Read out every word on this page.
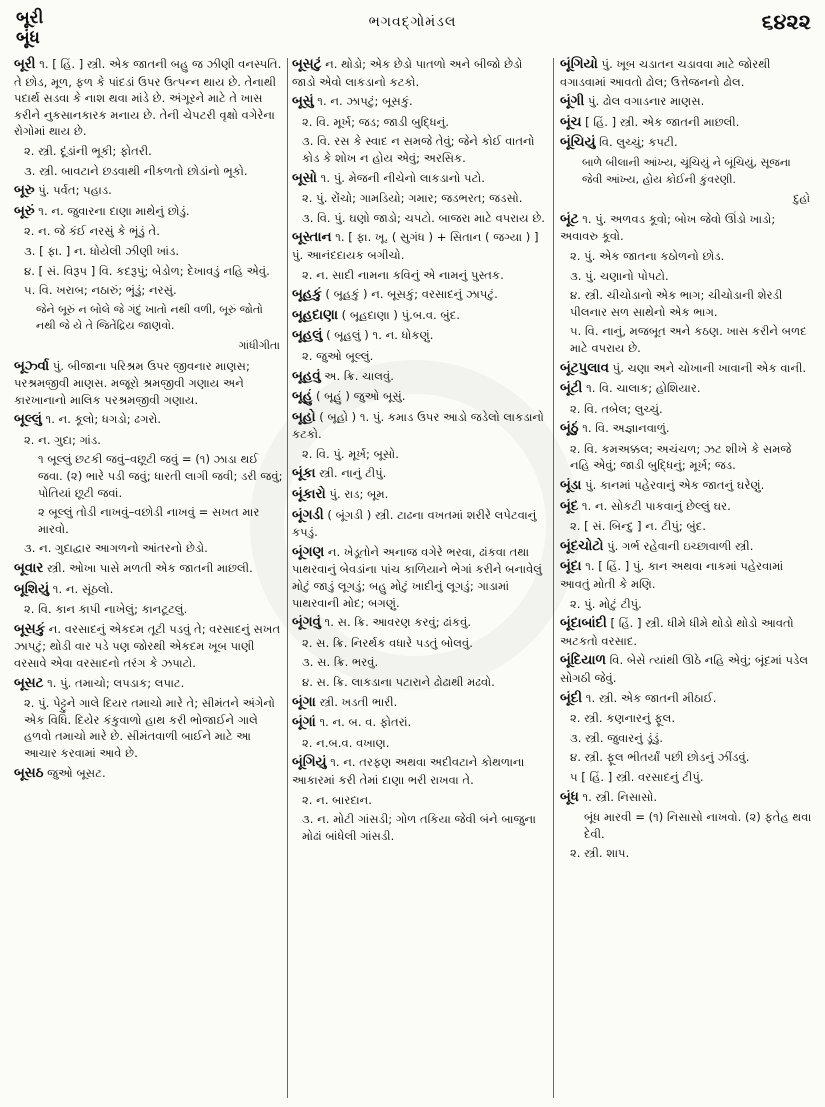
બૂરી
બૂંધ
ભગવદ્ગોમંડલ	૬૪૨૨
બૂરી ૧. [ હિં. ] સ્ત્રી. એક જાતની બહુ જ ઝીણી વનસ્પતિ. તે છોડ, મૂળ, ફળ કે પાંદડાં ઉપર ઉત્પન્ન થાય છે. તેનાથી પદાર્થ સડવા કે નાશ થવા માંડે છે. અંગૂરને માટે તે ખાસ કરીને નુકસાનકારક મનાય છે. તેની ચેપટરી વૃક્ષો વગેરેના રોગોમાં થાય છે.
૨. સ્ત્રી. દૂંડાંની ભૂકી; ફોતરી.
૩. સ્ત્રી. બાવટાને છડવાથી નીકળતો છોડાંનો ભૂકો.
બૂરુ પું. પર્વત; પહાડ.
બૂરું ૧. ન. જુવારના દાણા માથેનું છોડું.
૨. ન. જે કંઈ નરસું કે ભૂંડું તે.
૩. [ ફા. ] ન. ધોયેલી ઝીણી ખાંડ.
૪. [ સં. વિરૂપ ] વિ. કદરૂપું; બેડોળ; દેખાવડું નહિ એવું.
૫. વિ. ખરાબ; નઠારું; ભૂંડું; નરસું.
જેને બૂરું ન બોલે જે ગંદું ખાતો નથી વળી, બૂરું જોતો નથી જે યે તે જિતેંદ્રિય જાણવો.
ગાંધીગીતા
બૂર્ઝ્વા પું. બીજાના પરિશ્રમ ઉપર જીવનાર માણસ; પરશ્રમજીવી માણસ. મજૂરો શ્રમજીવી ગણાય અને કારખાનાનો માલિક પરશ્રમજીવી ગણાય.
બૂલ્લું ૧. ન. કૂલો; ધગડો; ઢગરો.
૨. ન. ગુદા; ગાંડ.
૧ બૂલ્લું છટકી જવું–વછૂટી જવું = (૧) ઝાડા થઈ જવા. (૨) ભારે પડી જવું; ધારતી લાગી જવી; ડરી જવું; પોતિયાં છૂટી જવાં.
૨ બૂલ્લું તોડી નાખવું–વછોડી નાખવું = સખત માર મારવો.
૩. ન. ગુદાદ્વાર આગળનો આંતરનો છેડો.
બૂવાર સ્ત્રી. ઓખા પાસે મળતી એક જાતની માછલી.
બૂશિયું ૧. ન. સૂંઠલો.
૨. વિ. કાન કાપી નાખેલું; કાનટૂટલું.
બૂસકું ન. વરસાદનું એકદમ તૂટી પડવું તે; વરસાદનું સખત ઝાપટું; થોડી વાર પડે પણ જોરથી એકદમ ખૂબ પાણી વરસાવે એવા વરસાદનો તરંગ કે ઝપાટો.
બૂસટ ૧. પું. તમાચો; લપડાક; લપાટ.
૨. પું. પેટ્ટુને ગાલે દિયર તમાચો મારે તે; સીમંતને અંગેનો એક વિધિ. દિયેર કંકુવાળો હાથ કરી ભોજાઈને ગાલે હળવો તમાચો મારે છે. સીમંતવાળી બાઈને માટે આ આચાર કરવામાં આવે છે.
બૂસઠ જુઓ બૂસટ.
બૂસટું ન. થોડો; એક છેડો પાતળો અને બીજો છેડો જાડો એવો લાકડાનો કટકો.
બૂસું ૧. ન. ઝાપટું; બૂસકું.
૨. વિ. મૂર્ખ; જડ; જાડી બુદ્ધિનું.
૩. વિ. રસ કે સ્વાદ ન સમજે તેવું; જેને કોઈ વાતનો કોડ કે શોખ ન હોય એવું; અરસિક.
બૂસો ૧. પું. મેજની નીચેનો લાકડાનો પટો.
૨. પું. રોંચો; ગામડિયો; ગમાર; જડભરત; જડસો.
૩. વિ. પું. ઘણો જાડો; ચપટો. બાજરા માટે વપરાય છે.
બૂસ્તાન ૧. [ ફા. ખૂ. ( સુગંધ ) + સિતાન ( જગ્યા ) ] પું. આનંદદાયક બગીચો.
૨. ન. સાદી નામના કવિનું એ નામનું પુસ્તક.
બૂહકું ( બૂહકું ) ન. બૂસકું; વરસાદનું ઝાપટું.
બૂહદાણા ( બૂહદાણા ) પું.બ.વ. બુંદ.
બૂહલું ( બૂહલું ) ૧. ન. ધોકણું.
૨. જુઓ બૂલ્લું.
બૂહવું અ. ક્રિ. ચાલવું.
બૂહું ( બૂહું ) જુઓ બૂસું.
બૂહો ( બૂહો ) ૧. પું. કમાડ ઉપર આડો જડેલો લાકડાનો કટકો.
૨. વિ. પું. મૂર્ખ; બૂસો.
બૂંકા સ્ત્રી. નાનું ટીપું.
બૂંકારો પું. રાડ; બૂમ.
બૂંગડી ( બૂંગડી ) સ્ત્રી. ટાઢના વખતમાં શરીરે લપેટવાનું કપડું.
બૂંગણ ન. ખેડૂતોને અનાજ વગેરે ભરવા, ઢાંકવા તથા પાથરવાનું બેવડાંના પાંચ કાળિયાને ભેગાં કરીને બનાવેલું મોટું જાડું લૂગડું; બહુ મોટું ખાદીનું લૂગડું; ગાડામાં પાથરવાની મોદ; બગણું.
બૂંગવું ૧. સ. ક્રિ. આવરણ કરવું; ઢાંકવું.
૨. સ. ક્રિ. નિરર્થક વધારે પડતું બોલવું.
૩. સ. ક્રિ. ભરવું.
૪. સ. ક્રિ. લાકડાના પટારાને ઢોઢાથી મઢવો.
બૂંગા સ્ત્રી. ખડતી ભારી.
બૂંગાં ૧. ન. બ. વ. ફોતરાં.
૨. ન.બ.વ. વખાણ.
બૂંગિયું ૧. ન. તરફણ અથવા અદીવટાને કોથળાના આકારમાં કરી તેમાં દાણા ભરી રાખવા તે.
૨. ન. બારદાન.
૩. ન. મોટી ગાંસડી; ગોળ તકિયા જેવી બંને બાજુના મોઢાં બાંધેલી ગાંસડી.
બૂંગિયો પું. ખૂબ ચડાતન ચડાવવા માટે જોરથી વગાડવામાં આવતો ઢોલ; ઉત્તેજનનો ઢોલ.
બૂંગી પું. ઢોલ વગાડનાર માણસ.
બૂંચ [ હિં. ] સ્ત્રી. એક જાતની માછલી.
બૂંચિયું વિ. લુચ્ચું; કપટી.
બાળે બીલાની આંખ્ય, ચૂંચિયું ને બૂંચિયું, સૂજના જેવી આંખ્ય, હોય કોઈની કુંવરણી.
દુહો
બૂંટ ૧. પું. અળવડ કૂવો; બોખ જેવો ઊંડો ખાડો; અવાવરુ કૂવો.
૨. પું. એક જાતના કઠોળનો છોડ.
૩. પું. ચણાનો પોપટો.
૪. સ્ત્રી. ચીચોડાનો એક ભાગ; ચીચોડાની શેરડી પીલનાર સળ સાથેનો એક ભાગ.
૫. વિ. નાનું, મજબૂત અને કઠણ. ખાસ કરીને બળદ માટે વપરાય છે.
બૂંટપુલાવ પું. ચણા અને ચોખાની ખાવાની એક વાની.
બૂંટી ૧. વિ. ચાલાક; હોશિયાર.
૨. વિ. તબેલ; લુચ્ચું.
બૂંઠું ૧. વિ. અજ્ઞાનવાળું.
૨. વિ. કમઅક્કલ; અચંચળ; ઝટ શીખે કે સમજે નહિ એવું; જાડી બુદ્ધિનું; મૂર્ખ; જડ.
બૂંડા પું. કાનમાં પહેરવાનું એક જાતનું ઘરેણું.
બૂંદ ૧. ન. સોકટી પાકવાનું છેલ્લું ઘર.
૨. [ સં. બિન્દુ ] ન. ટીપું; બુંદ.
બૂંદચોટો પું. ગર્ભ રહેવાની ઇચ્છાવાળી સ્ત્રી.
બૂંદા ૧. [ હિં. ] પું. કાન અથવા નાકમાં પહેરવામાં આવતું મોતી કે મણિ.
૨. પું. મોટું ટીપું.
બૂંદાબાંદી [ હિં. ] સ્ત્રી. ધીમે ધીમે થોડો થોડો આવતો અટકતો વરસાદ.
બૂંદિયાળ વિ. બેસે ત્યાંથી ઊઠે નહિ એવું; બૂંદમાં પડેલ સોગઠી જેવું.
બૂંદી ૧. સ્ત્રી. એક જાતની મીઠાઈ.
૨. સ્ત્રી. કણનારનું ફૂલ.
૩. સ્ત્રી. જુવારનું ડૂંડું.
૪. સ્ત્રી. ફૂલ ભીતર્યાં પછી છોડનું ઝીંડવું.
૫ [ હિં. ] સ્ત્રી. વરસાદનું ટીપું.
બૂંધ ૧. સ્ત્રી. નિસાસો.
બૂંધ મારવી = (૧) નિસાસો નાખવો. (૨) ફતેહ થવા દેવી.
૨. સ્ત્રી. શાપ.
